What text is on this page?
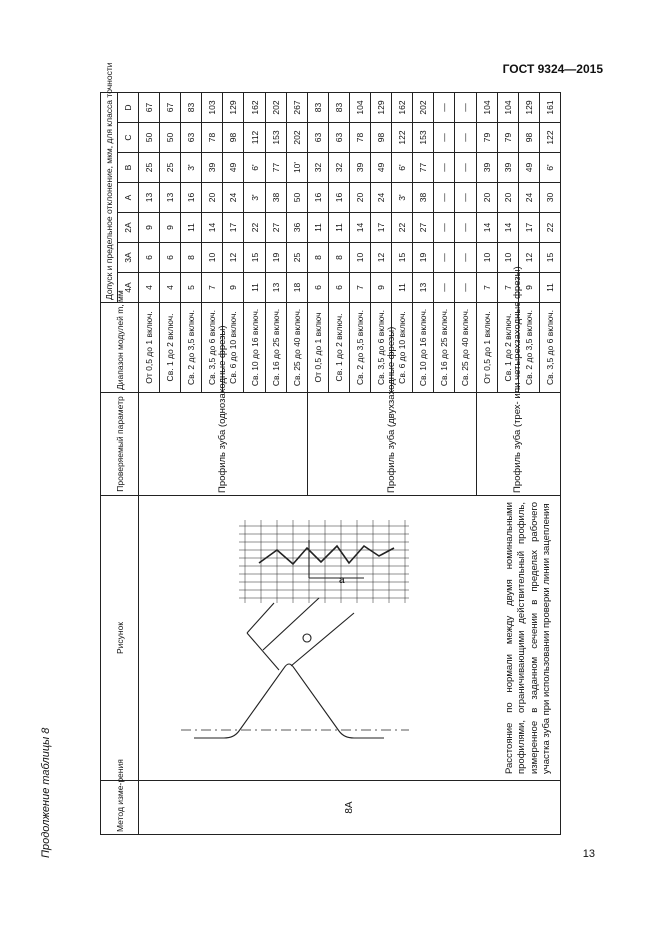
ГОСТ 9324—2015
Продолжение таблицы 8	13
Метод изме-рения	Рисунок	Проверяемый параметр	Диапазон модулей m, мм	Допуск и предельное отклонение, мкм, для класса точности						
				4А	3А	2А	А	В	С	D
8А	а Расстояние по нормали между двумя номинальными профилями, ограничивающими действительный профиль, измеренное в заданном сечении в пределах рабочего участка зуба при использовании проверки линии зацепления	Профиль зуба (однозаходные фрезы)	От 0,5 до 1 включ.	4	6	9	13	25	50	67
			Св. 1 до 2 включ.	4	6	9	13	25	50	67
			Св. 2 до 3,5 включ.	5	8	11	16	3'	63	83
			Св. 3,5 до 6 включ.	7	10	14	20	39	78	103
			Св. 6 до 10 включ.	9	12	17	24	49	98	129
			Св. 10 до 16 включ.	11	15	22	3'	6'	112	162
			Св. 16 до 25 включ.	13	19	27	38	77	153	202
			Св. 25 до 40 включ.	18	25	36	50	10'	202	267
		Профиль зуба (двухзаходные фрезы)	От 0,5 до 1 включ	6	8	11	16	32	63	83
			Св. 1 до 2 включ.	6	8	11	16	32	63	83
			Св. 2 до 3,5 включ.	7	10	14	20	39	78	104
			Св. 3,5 до 6 включ.	9	12	17	24	49	98	129
			Св. 6 до 10 включ.	11	15	22	3'	6'	122	162
			Св. 10 до 16 включ.	13	19	27	38	77	153	202
			Св. 16 до 25 включ.	—	—	—	—	—	—	—
			Св. 25 до 40 включ.	—	—	—	—	—	—	—
		Профиль зуба (трех- или четырехзаходные фрезы)	От 0,5 до 1 включ.	7	10	14	20	39	79	104
			Св. 1 до 2 включ.	7	10	14	20	39	79	104
			Св. 2 до 3,5 включ.	9	12	17	24	49	98	129
			Св. 3,5 до 6 включ.	11	15	22	30	6'	122	161
